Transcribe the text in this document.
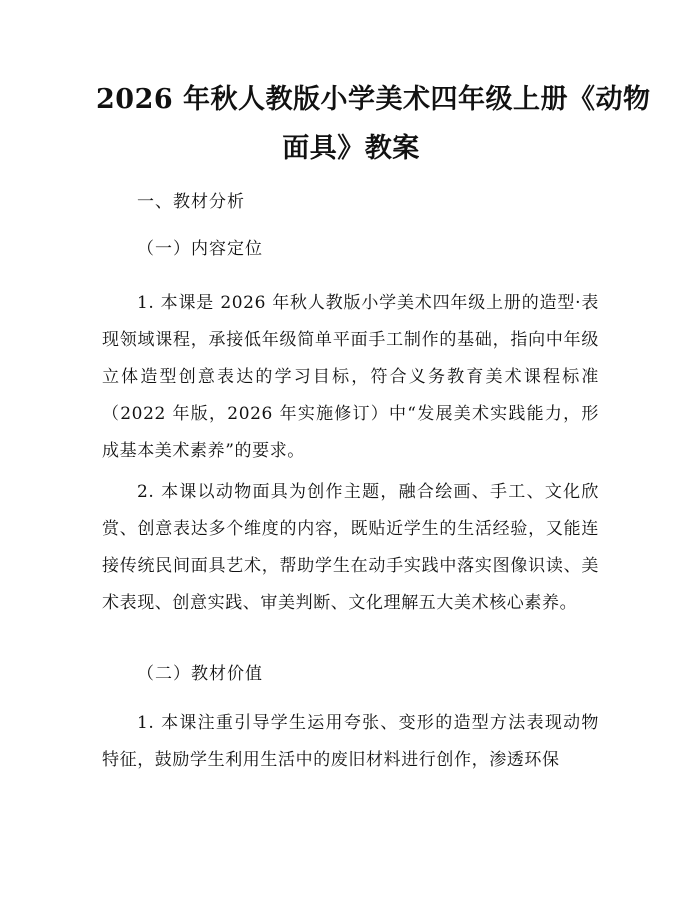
2026 年秋人教版小学美术四年级上册《动物
面具》教案
一、教材分析
（一）内容定位
1. 本课是 2026 年秋人教版小学美术四年级上册的造型·表现领域课程，承接低年级简单平面手工制作的基础，指向中年级立体造型创意表达的学习目标，符合义务教育美术课程标准（2022 年版，2026 年实施修订）中“发展美术实践能力，形成基本美术素养”的要求。
2. 本课以动物面具为创作主题，融合绘画、手工、文化欣赏、创意表达多个维度的内容，既贴近学生的生活经验，又能连接传统民间面具艺术，帮助学生在动手实践中落实图像识读、美术表现、创意实践、审美判断、文化理解五大美术核心素养。
（二）教材价值
1. 本课注重引导学生运用夸张、变形的造型方法表现动物特征，鼓励学生利用生活中的废旧材料进行创作，渗透环保
